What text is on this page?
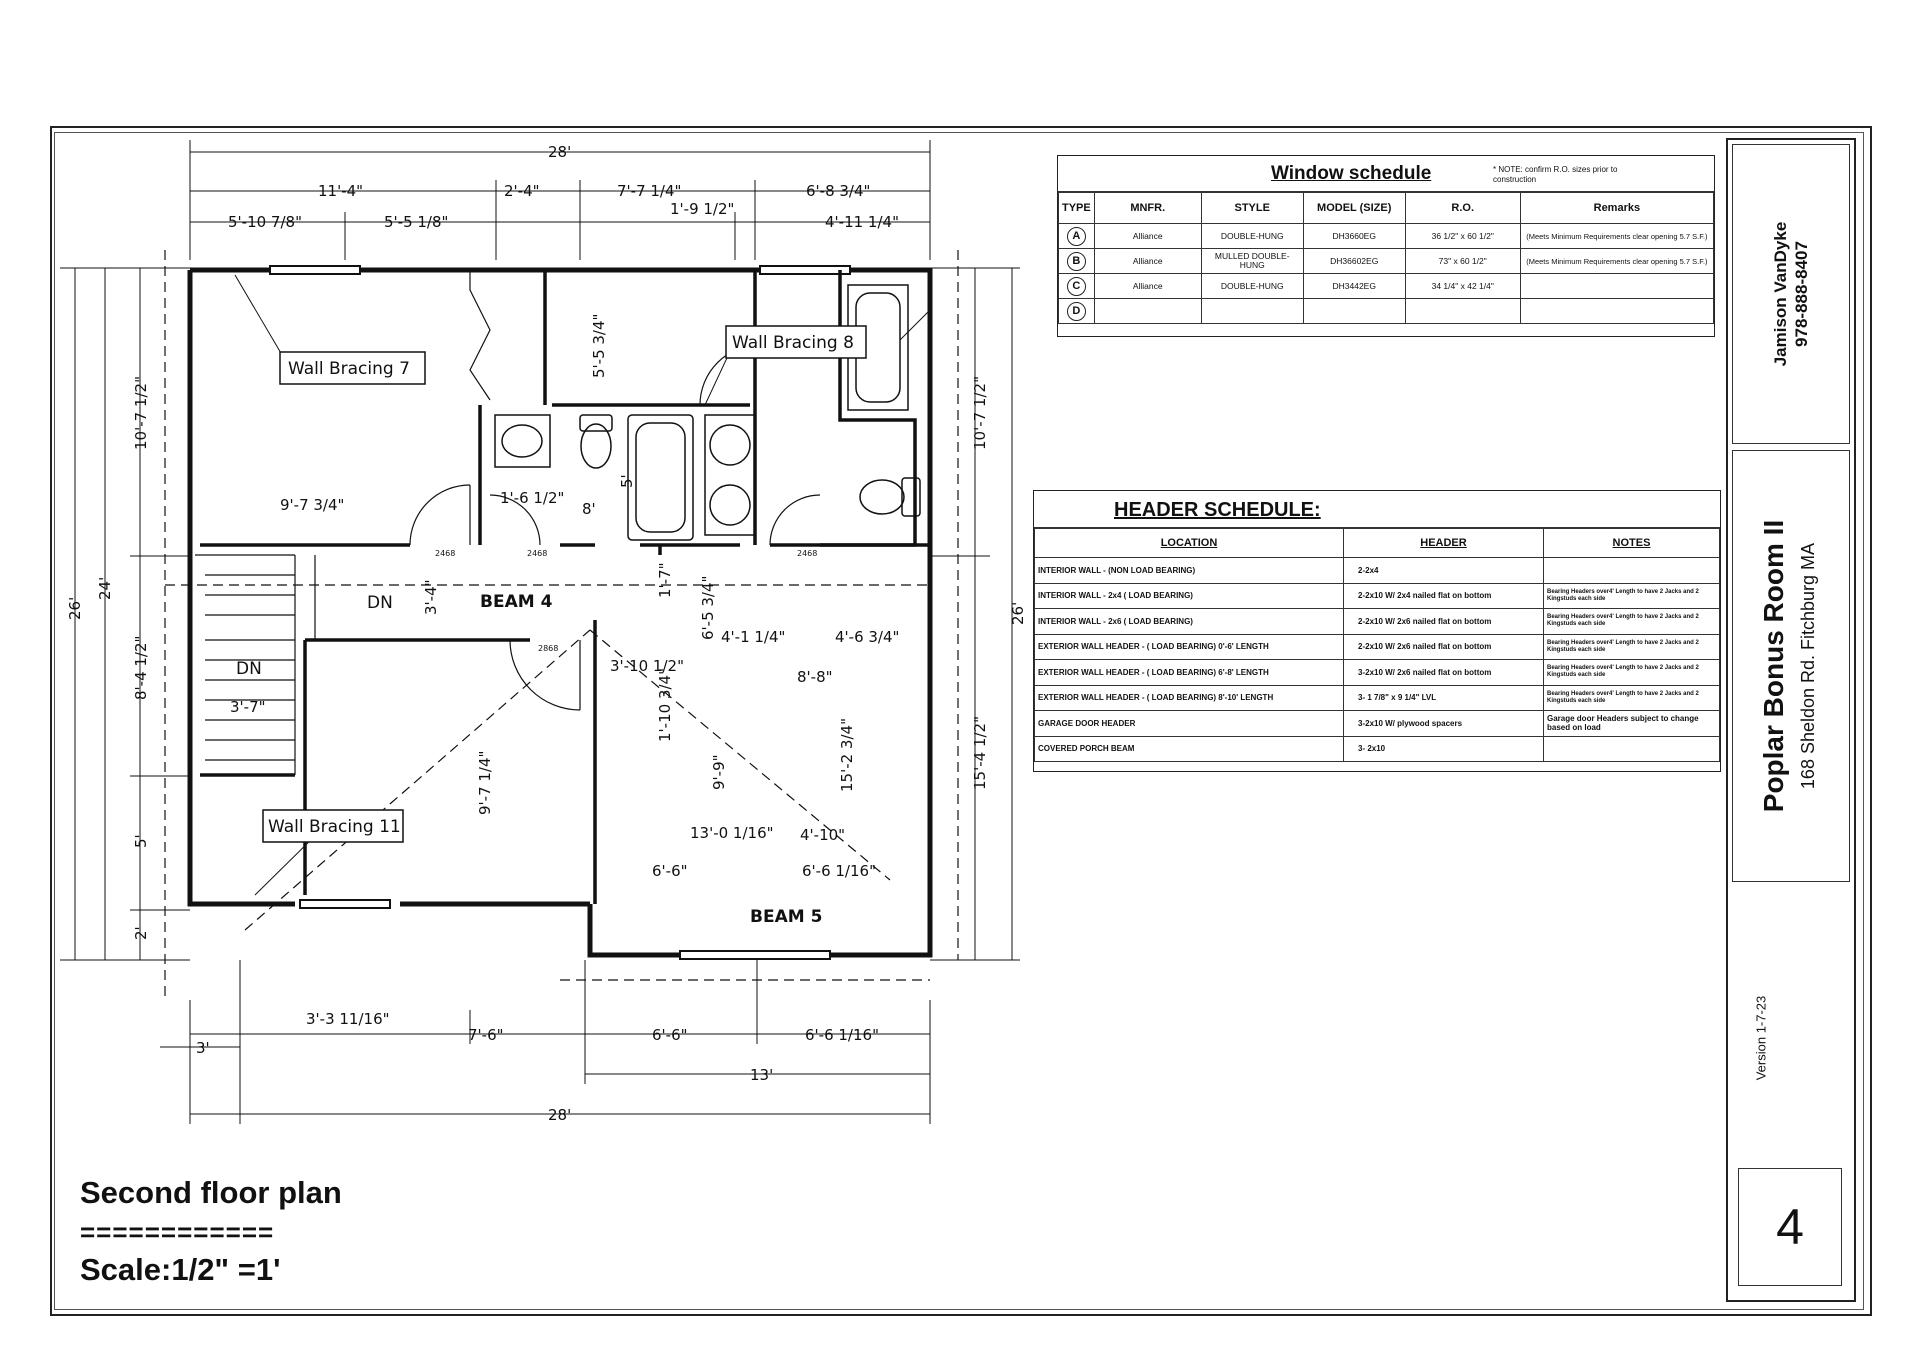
Wall Bracing 7
Wall Bracing 8
Wall Bracing 11
BEAM 4
BEAM 5
DN
DN
28'
11'-4"	2'-4"	7'-7 1/4"	6'-8 3/4"
5'-10 7/8"	5'-5 1/8"
1'-9 1/2"
4'-11 1/4"
3'-3 11/16"
7'-6"	6'-6"	6'-6 1/16"
3'
13'
28'
26'
24'
10'-7 1/2"
8'-4 1/2"
5'
2'
26'
10'-7 1/2"
15'-4 1/2"
5'-5 3/4"
9'-7 3/4"	1'-6 1/2"
8'
5'
3'-4"	1'-7" 6'-5 3/4" 4'-1 1/4"	4'-6 3/4"
3'-10 1/2"
8'-8"
3'-7"	1'-10 3/4"
9'-9"
9'-7 1/4"	15'-2 3/4"
13'-0 1/16" 4'-10"
6'-6"	6'-6 1/16"
2468	2468	2468
2868
Window schedule	* NOTE: confirm R.O. sizes prior to construction
TYPE	MNFR.	STYLE	MODEL (SIZE)	R.O.	Remarks
A	Alliance	DOUBLE-HUNG	DH3660EG	36 1/2" x 60 1/2"	(Meets Minimum Requirements clear opening 5.7 S.F.)
B	Alliance	MULLED DOUBLE-HUNG	DH36602EG	73" x 60 1/2"	(Meets Minimum Requirements clear opening 5.7 S.F.)
C	Alliance	DOUBLE-HUNG	DH3442EG	34 1/4" x 42 1/4"	
D					
HEADER SCHEDULE:
LOCATION	HEADER	NOTES
INTERIOR WALL - (NON LOAD BEARING)	2-2x4	
INTERIOR WALL - 2x4 ( LOAD BEARING)	2-2x10 W/ 2x4 nailed flat on bottom	Bearing Headers over4' Length to have 2 Jacks and 2 Kingstuds each side
INTERIOR WALL - 2x6 ( LOAD BEARING)	2-2x10 W/ 2x6 nailed flat on bottom	Bearing Headers over4' Length to have 2 Jacks and 2 Kingstuds each side
EXTERIOR WALL HEADER - ( LOAD BEARING) 0'-6' LENGTH	2-2x10 W/ 2x6 nailed flat on bottom	Bearing Headers over4' Length to have 2 Jacks and 2 Kingstuds each side
EXTERIOR WALL HEADER - ( LOAD BEARING) 6'-8' LENGTH	3-2x10 W/ 2x6 nailed flat on bottom	Bearing Headers over4' Length to have 2 Jacks and 2 Kingstuds each side
EXTERIOR WALL HEADER - ( LOAD BEARING) 8'-10' LENGTH	3- 1 7/8" x 9 1/4" LVL	Bearing Headers over4' Length to have 2 Jacks and 2 Kingstuds each side
GARAGE DOOR HEADER	3-2x10 W/ plywood spacers	Garage door Headers subject to change based on load
COVERED PORCH BEAM	3- 2x10	
Jamison VanDyke 978-888-8407
Poplar Bonus Room II 168 Sheldon Rd. Fitchburg MA
Version 1-7-23
4
Second floor plan
============
Scale:1/2" =1'
